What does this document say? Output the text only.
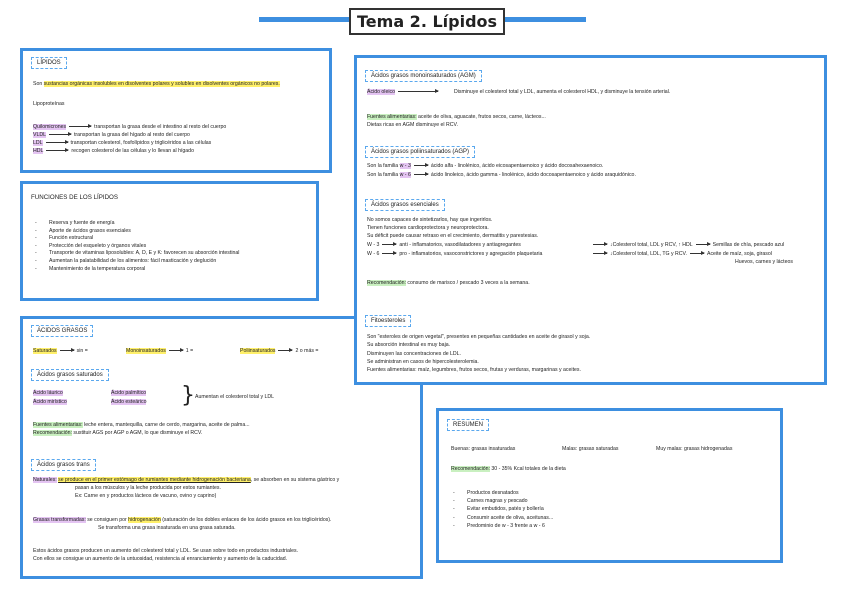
Tema 2. Lípidos
LÍPIDOS
Son sustancias orgánicas insolubles en disolventes polares y solubles en disolventes orgánicos no polares.
Lipoproteínas
Quilomicrones	transportan la grasa desde el intestino al resto del cuerpo
VLDL	transportan la grasa del hígado al resto del cuerpo
LDL	transportan colesterol, fosfolípidos y triglicéridos a las células
HDL	recogen colesterol de las células y lo llevan al hígado
FUNCIONES DE LOS LÍPIDOS
- Reserva y fuente de energía
- Aporte de ácidos grasos esenciales
- Función estructural
- Protección del esqueleto y órganos vitales
- Transporte de vitaminas liposolubles: A, D, E y K: favorecen su absorción intestinal
- Aumentan la palatabilidad de los alimentos: fácil masticación y deglución
- Mantenimiento de la temperatura corporal
ÁCIDOS GRASOS
Saturados	sin =	Monoinsaturados	1 =	Poliinsaturados	2 o más =
Ácidos grasos saturados
Ácido láurico	Ácido palmítico
Ácido mirístico	Ácido esteárico } Aumentan el colesterol total y LDL
Fuentes alimentarias: leche entera, mantequilla, carne de cerdo, margarina, aceite de palma...
Recomendación: sustituir AGS por AGP o AGM, lo que disminuye el RCV.
Ácidos grasos trans
Naturales: se produce en el primer estómago de rumiantes mediante hidrogenación bacteriana, se absorben en su sistema gástrico y
pasan a los músculos y la leche producida por estos rumiantes.
Ex: Carne en y productos lácteos de vacuno, ovino y caprino)
Grasas transformadas: se consiguen por hidrogenación (saturación de los dobles enlaces de los ácido grasos en los triglicéridos).
Se transforma una grasa insaturada en una grasa saturada.
Estos ácidos grasos producen un aumento del colesterol total y LDL. Se usan sobre todo en productos industriales.
Con ellos se consigue un aumento de la untuosidad, resistencia al enranciamiento y aumento de la caducidad.
Ácidos grasos monoinsaturados (AGM)
Ácido oleico	Disminuye el colesterol total y LDL, aumenta el colesterol HDL, y disminuye la tensión arterial.
Fuentes alimentarias: aceite de oliva, aguacate, frutos secos, carne, lácteos...
Dietas ricas en AGM disminuye el RCV.
Ácidos grasos poliinsaturados (AGP)
Son la familia w - 3	ácido alfa - linolénico, ácido eicosapentaenoico y ácido docosahexaenoico.
Son la familia w - 6	ácido linoleico, ácido gamma - linolénico, ácido docosapentaenoico y ácido araquidónico.
Ácidos grasos esenciales
No somos capaces de sintetizarlos, hay que ingerirlos.
Tienen funciones cardioprotectora y neuroprotectora.
Su déficit puede causar retraso en el crecimiento, dermatitis y parestesias.
W - 3	anti - inflamatorios, vasodilatadores y antiagregantes	↓Colesterol total, LDL y RCV, ↑ HDL	Semillas de chía, pescado azul
W - 6	pro - inflamatorios, vasoconstrictores y agregación plaquetaria	↓Colesterol total, LDL, TG y RCV.	Aceite de maíz, soja, girasol
Huevos, carnes y lácteos
Recomendación: consumo de marisco / pescado 3 veces a la semana.
Fitoesteroles
Son "esteroles de origen vegetal", presentes en pequeñas cantidades en aceite de girasol y soja.
Su absorción intestinal es muy baja.
Disminuyen las concentraciones de LDL.
Se administran en casos de hipercolesterolemia.
Fuentes alimentarias: maíz, legumbres, frutos secos, frutas y verduras, margarinas y aceites.
RESUMEN
Buenas: grasas insaturadas	Malas: grasas saturadas	Muy malas: grasas hidrogenadas
Recomendación: 30 - 35% Kcal totales de la dieta
- Productos desnatados
- Carnes magras y pescado
- Evitar embutidos, patés y bollería
- Consumir aceite de oliva, aceitunas...
- Predominio de w - 3 frente a w - 6
